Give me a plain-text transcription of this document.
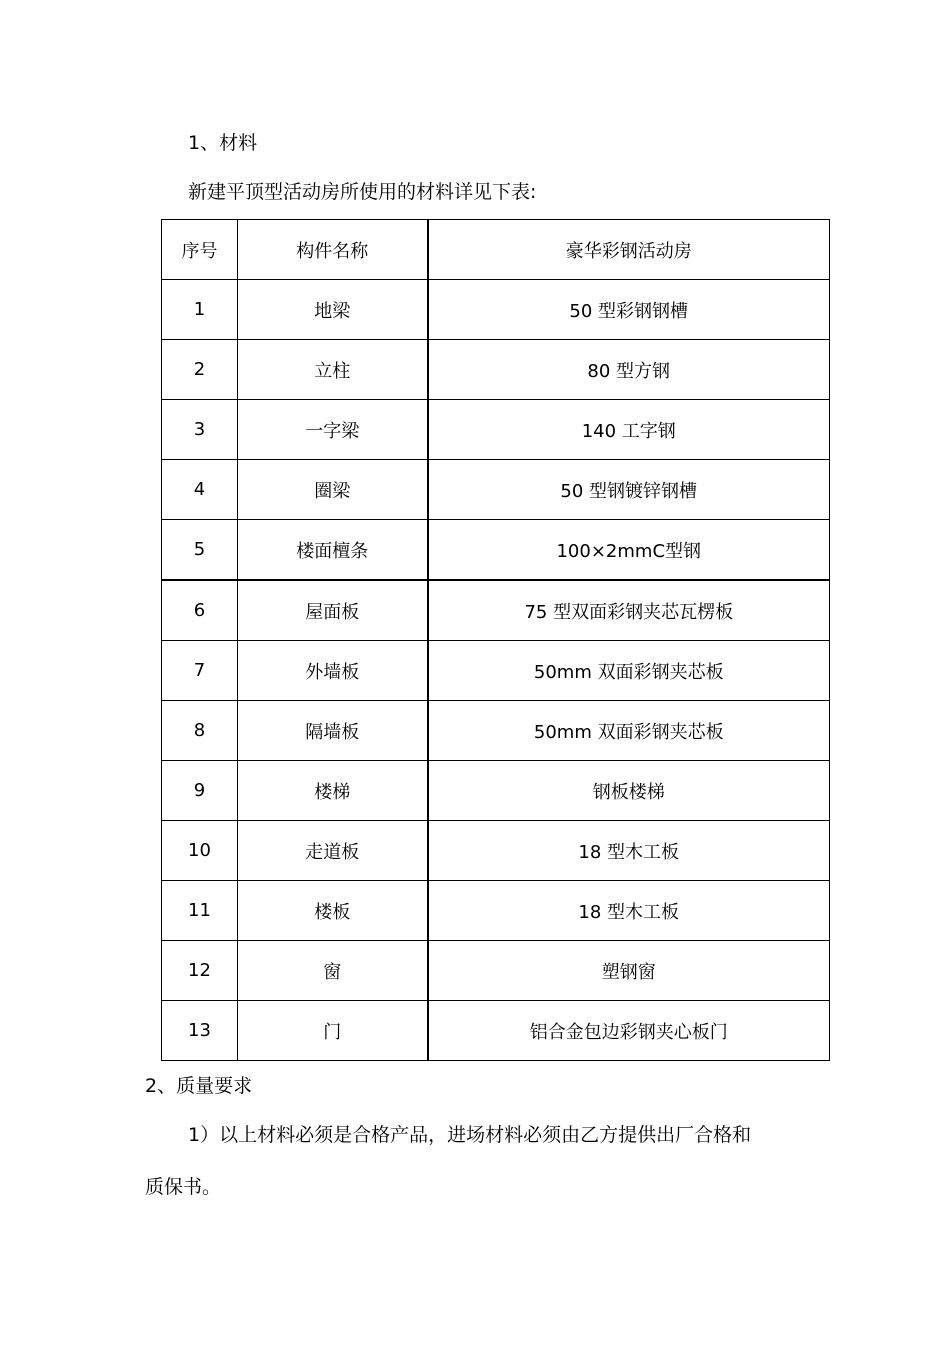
1、材料
新建平顶型活动房所使用的材料详见下表:
序号	构件名称	豪华彩钢活动房
1	地梁	50 型彩钢钢槽
2	立柱	80 型方钢
3	一字梁	140 工字钢
4	圈梁	50 型钢镀锌钢槽
5	楼面檀条	100×2mmC型钢
6	屋面板	75 型双面彩钢夹芯瓦楞板
7	外墙板	50mm 双面彩钢夹芯板
8	隔墙板	50mm 双面彩钢夹芯板
9	楼梯	钢板楼梯
10	走道板	18 型木工板
11	楼板	18 型木工板
12	窗	塑钢窗
13	门	铝合金包边彩钢夹心板门
2、质量要求
1）以上材料必须是合格产品，进场材料必须由乙方提供出厂合格和
质保书。
